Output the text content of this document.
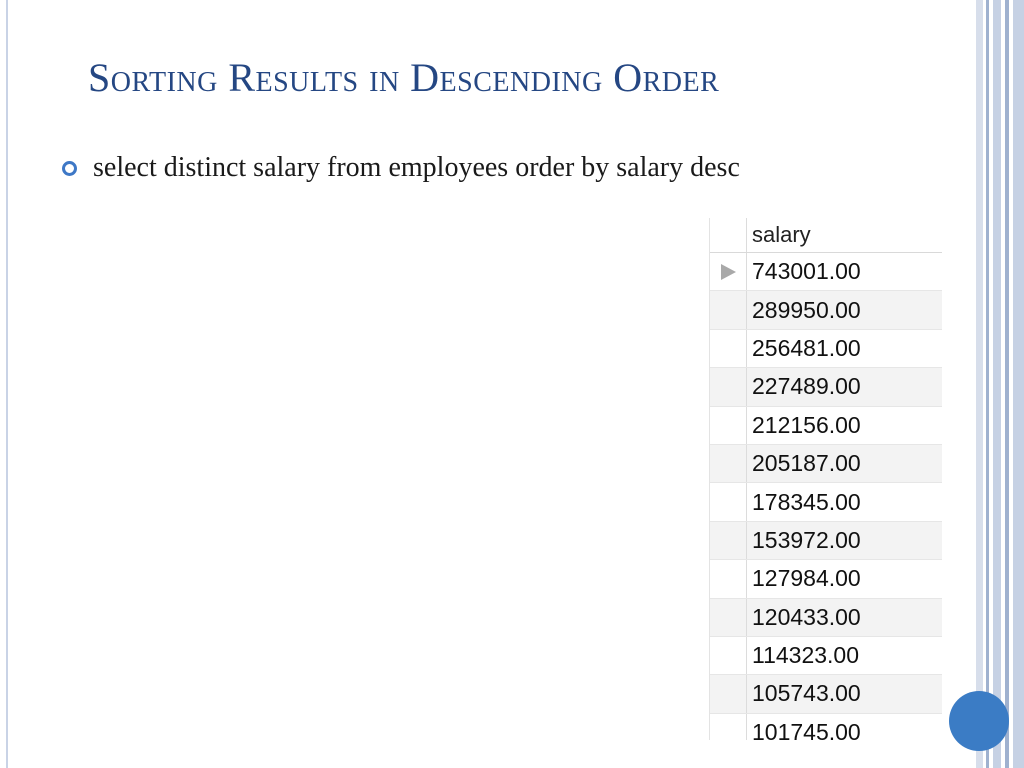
Sorting Results in Descending Order
select distinct salary from employees order by salary desc
salary
743001.00
289950.00
256481.00
227489.00
212156.00
205187.00
178345.00
153972.00
127984.00
120433.00
114323.00
105743.00
101745.00
